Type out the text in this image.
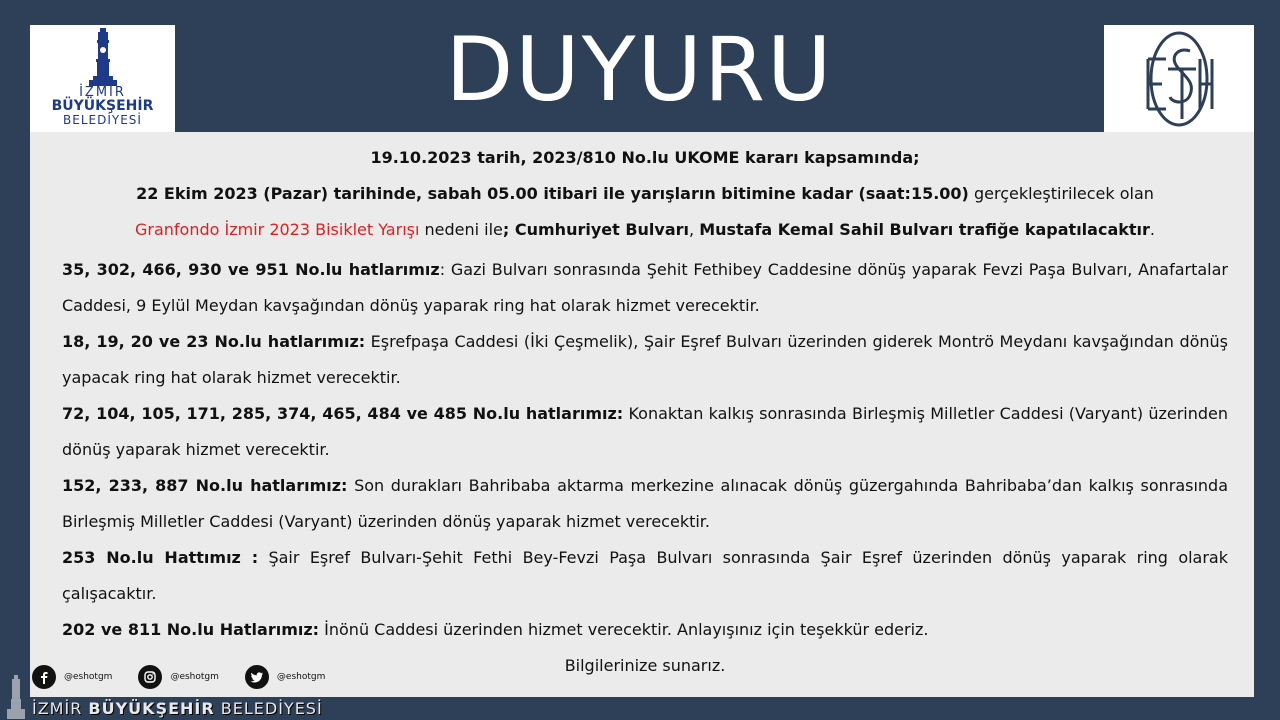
İZMİR
BÜYÜKŞEHİR
BELEDİYESİ	DUYURU
19.10.2023 tarih, 2023/810 No.lu UKOME kararı kapsamında;
22 Ekim 2023 (Pazar) tarihinde, sabah 05.00 itibari ile yarışların bitimine kadar (saat:15.00) gerçekleştirilecek olan
Granfondo İzmir 2023 Bisiklet Yarışı nedeni ile; Cumhuriyet Bulvarı, Mustafa Kemal Sahil Bulvarı trafiğe kapatılacaktır.

35, 302, 466, 930 ve 951 No.lu hatlarımız: Gazi Bulvarı sonrasında Şehit Fethibey Caddesine dönüş yaparak Fevzi Paşa Bulvarı, Anafartalar Caddesi, 9 Eylül Meydan kavşağından dönüş yaparak ring hat olarak hizmet verecektir.

18, 19, 20 ve 23 No.lu hatlarımız: Eşrefpaşa Caddesi (İki Çeşmelik), Şair Eşref Bulvarı üzerinden giderek Montrö Meydanı kavşağından dönüş yapacak ring hat olarak hizmet verecektir.

72, 104, 105, 171, 285, 374, 465, 484 ve 485 No.lu hatlarımız: Konaktan kalkış sonrasında Birleşmiş Milletler Caddesi (Varyant) üzerinden dönüş yaparak hizmet verecektir.

152, 233, 887 No.lu hatlarımız: Son durakları Bahribaba aktarma merkezine alınacak dönüş güzergahında Bahribaba’dan kalkış sonrasında Birleşmiş Milletler Caddesi (Varyant) üzerinden dönüş yaparak hizmet verecektir.

253 No.lu Hattımız : Şair Eşref Bulvarı-Şehit Fethi Bey-Fevzi Paşa Bulvarı sonrasında Şair Eşref üzerinden dönüş yaparak ring olarak çalışacaktır.

202 ve 811 No.lu Hatlarımız: İnönü Caddesi üzerinden hizmet verecektir. Anlayışınız için teşekkür ederiz.

Bilgilerinize sunarız.
@eshotgm	@eshotgm	@eshotgm
İZMİR BÜYÜKŞEHİR BELEDİYESİ
